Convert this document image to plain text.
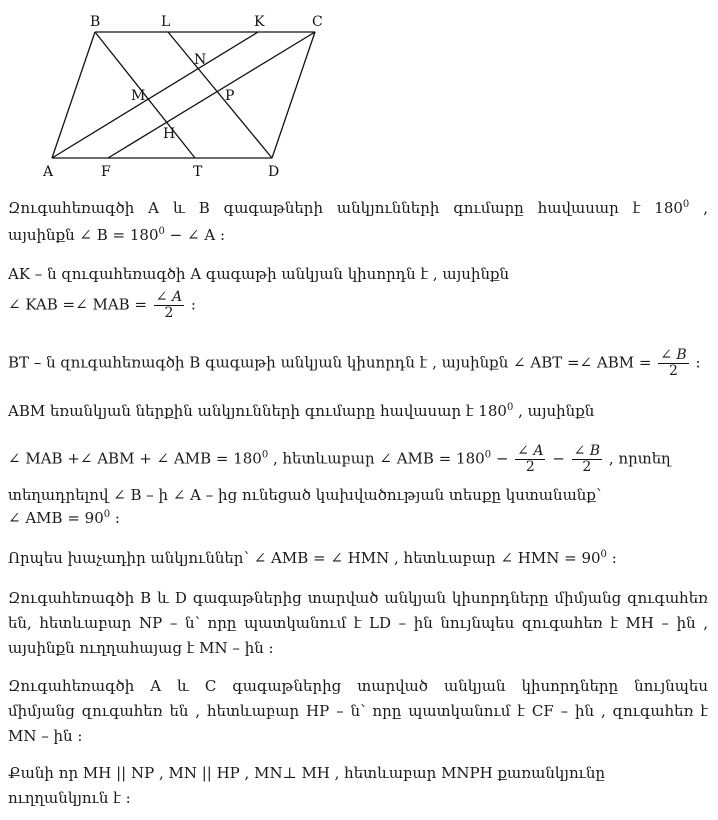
B	L	K	C
N
M	P
H
A	F	T	D
Զուգահեռագծի A և B գագաթների անկյունների գումարը հավասար է $180^0$ ,
այսինքն ∠ $B = 180^0$ − ∠ A :
AK – ն զուգահեռագծի A գագաթի անկյան կիսորդն է , այսինքն
∠ KAB =∠ MAB = $\frac{\angle A}{2}$ :
BT – ն զուգահեռագծի B գագաթի անկյան կիսորդն է , այսինքն ∠ ABT =∠ ABM = $\frac{\angle B}{2}$ :
ABM եռանկյան ներքին անկյունների գումարը հավասար է $180^0$ , այսինքն
∠ MAB +∠ ABM + ∠ AMB = $180^0$ , հետևաբար ∠ AMB = $180^0 - \frac{\angle A}{2} - \frac{\angle B}{2}$ , որտեղ
տեղադրելով ∠ B – ի ∠ A – ից ունեցած կախվածության տեսքը կստանանք՝
∠ AMB = $90^0$ :
Որպես խաչադիր անկյուններ՝ ∠ AMB = ∠ HMN , հետևաբար ∠ HMN = $90^0$ :
Զուգահեռագծի B և D գագաթներից տարված անկյան կիսորդները միմյանց զուգահեռ
են, հետևաբար NP – ն՝ որը պատկանում է LD – ին նույնպես զուգահեռ է MH – ին ,
այսինքն ուղղահայաց է MN – ին :
Զուգահեռագծի A և C գագաթներից տարված անկյան կիսորդները նույնպես
միմյանց զուգահեռ են , հետևաբար HP – ն՝ որը պատկանում է CF – ին , զուգահեռ է
MN – ին :
Քանի որ MH || NP , MN || HP , MN⊥ MH , հետևաբար MNPH քառանկյունը
ուղղանկյուն է :
